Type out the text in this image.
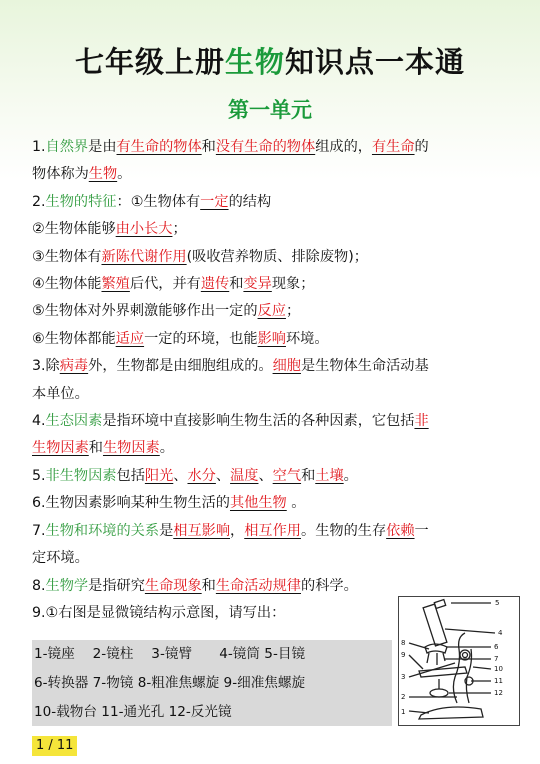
七年级上册生物知识点一本通
第一单元

1.自然界是由有生命的物体和没有生命的物体组成的，有生命的
物体称为生物。

2.生物的特征：①生物体有一定的结构

②生物体能够由小长大；

③生物体有新陈代谢作用(吸收营养物质、排除废物)；

④生物体能繁殖后代，并有遗传和变异现象；

⑤生物体对外界刺激能够作出一定的反应；

⑥生物体都能适应一定的环境，也能影响环境。

3.除病毒外，生物都是由细胞组成的。细胞是生物体生命活动基
本单位。

4.生态因素是指环境中直接影响生物生活的各种因素，它包括非
生物因素和生物因素。

5.非生物因素包括阳光、水分、温度、空气和土壤。

6.生物因素影响某种生物生活的其他生物 。

7.生物和环境的关系是相互影响，相互作用。生物的生存依赖一
定环境。

8.生物学是指研究生命现象和生命活动规律的科学。

9.①右图是显微镜结构示意图，请写出：

1-镜座　 2-镜柱　 3-镜臂　　4-镜筒 5-目镜

6-转换器 7-物镜 8-粗准焦螺旋 9-细准焦螺旋

10-载物台 11-通光孔 12-反光镜

5
4
6
7
8
10
11
9
3
2	12
1
1 / 11
